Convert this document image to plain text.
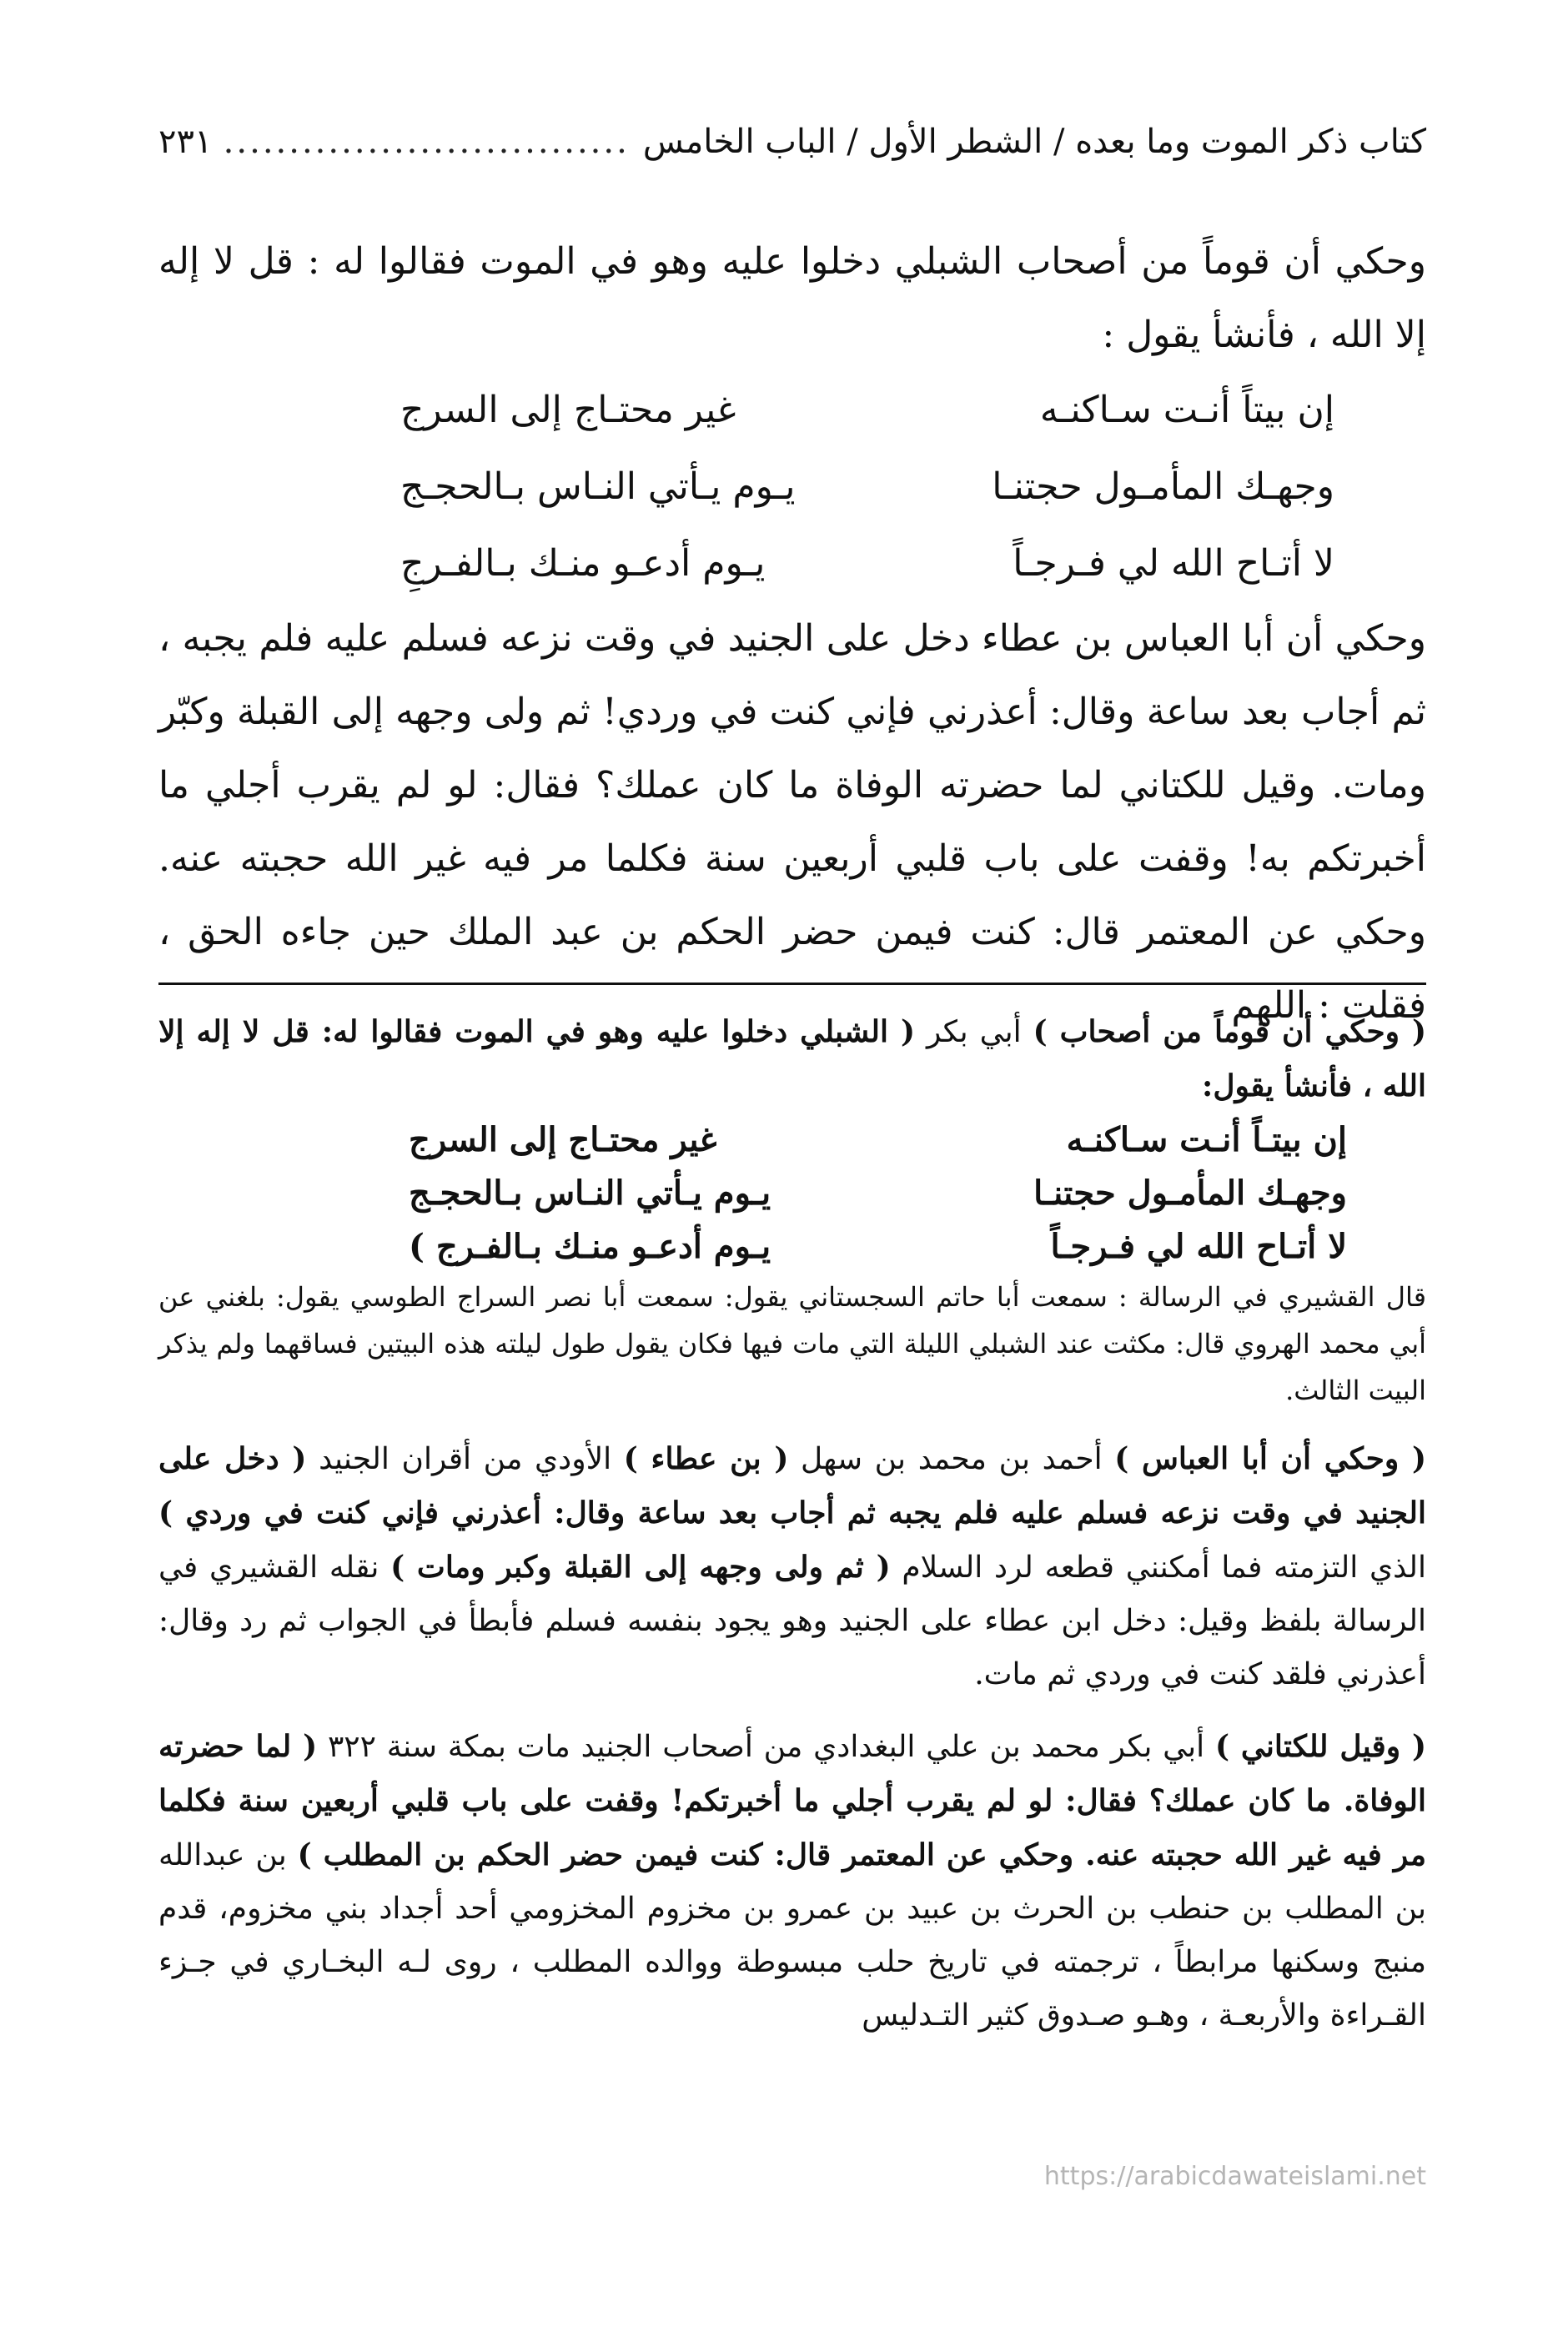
كتاب ذكر الموت وما بعده / الشطر الأول / الباب الخامس
.....
٢٣١

وحكي أن قوماً من أصحاب الشبلي دخلوا عليه وهو في الموت فقالوا له : قل لا إله إلا الله ، فأنشأ يقول :

إن بيتاً أنـت سـاكنـه
غير محتـاج إلى السرج
وجهـك المأمـول حجتنـا
يـوم يـأتي النـاس بـالحجـج
لا أتـاح الله لي فـرجـاً
يـوم أدعـو منـك بـالفـرجِ

وحكي أن أبا العباس بن عطاء دخل على الجنيد في وقت نزعه فسلم عليه فلم يجبه ، ثم أجاب بعد ساعة وقال: أعذرني فإني كنت في وردي! ثم ولى وجهه إلى القبلة وكبّر ومات. وقيل للكتاني لما حضرته الوفاة ما كان عملك؟ فقال: لو لم يقرب أجلي ما أخبرتكم به! وقفت على باب قلبي أربعين سنة فكلما مر فيه غير الله حجبته عنه. وحكي عن المعتمر قال: كنت فيمن حضر الحكم بن عبد الملك حين جاءه الحق ، فقلت : اللهم

( وحكي أن قوماً من أصحاب ) أبي بكر ( الشبلي دخلوا عليه وهو في الموت فقالوا له: قل لا إله إلا الله ، فأنشأ يقول:

إن بيتـاً أنـت سـاكنـه
غير محتـاج إلى السرج
وجهـك المأمـول حجتنـا
يـوم يـأتي النـاس بـالحجـج
لا أتـاح الله لي فـرجـاً
يـوم أدعـو منـك بـالفـرج )

قال القشيري في الرسالة : سمعت أبا حاتم السجستاني يقول: سمعت أبا نصر السراج الطوسي يقول: بلغني عن أبي محمد الهروي قال: مكثت عند الشبلي الليلة التي مات فيها فكان يقول طول ليلته هذه البيتين فساقهما ولم يذكر البيت الثالث.

( وحكي أن أبا العباس ) أحمد بن محمد بن سهل ( بن عطاء ) الأودي من أقران الجنيد ( دخل على الجنيد في وقت نزعه فسلم عليه فلم يجبه ثم أجاب بعد ساعة وقال: أعذرني فإني كنت في وردي ) الذي التزمته فما أمكنني قطعه لرد السلام ( ثم ولى وجهه إلى القبلة وكبر ومات ) نقله القشيري في الرسالة بلفظ وقيل: دخل ابن عطاء على الجنيد وهو يجود بنفسه فسلم فأبطأ في الجواب ثم رد وقال: أعذرني فلقد كنت في وردي ثم مات.

( وقيل للكتاني ) أبي بكر محمد بن علي البغدادي من أصحاب الجنيد مات بمكة سنة ٣٢٢ ( لما حضرته الوفاة. ما كان عملك؟ فقال: لو لم يقرب أجلي ما أخبرتكم! وقفت على باب قلبي أربعين سنة فكلما مر فيه غير الله حجبته عنه. وحكي عن المعتمر قال: كنت فيمن حضر الحكم بن المطلب ) بن عبدالله بن المطلب بن حنطب بن الحرث بن عبيد بن عمرو بن مخزوم المخزومي أحد أجداد بني مخزوم، قدم منبج وسكنها مرابطاً ، ترجمته في تاريخ حلب مبسوطة ووالده المطلب ، روى لـه البخـاري في جـزء القـراءة والأربعـة ، وهـو صـدوق كثير التـدليس

https://arabicdawateislami.net
